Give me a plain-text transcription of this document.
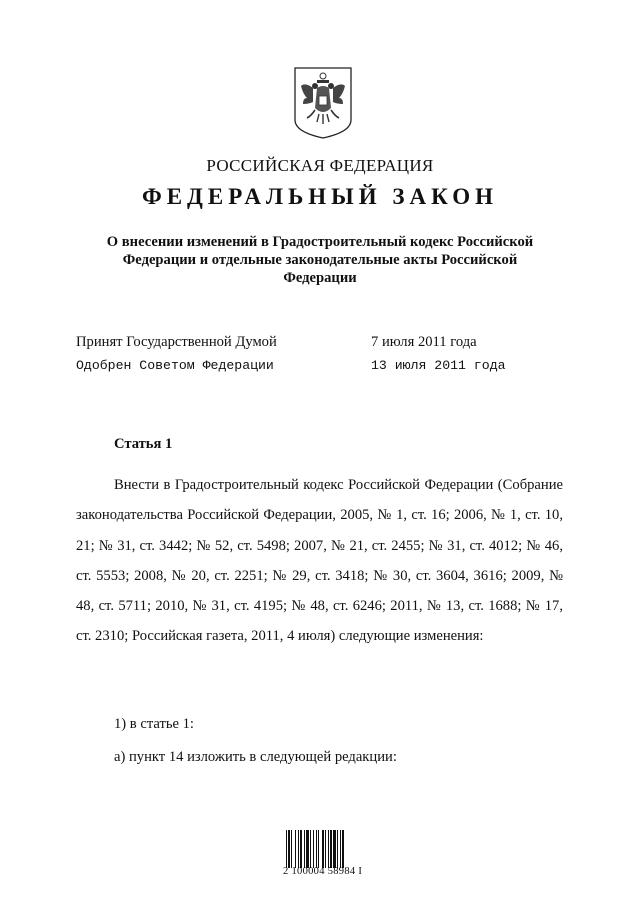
РОССИЙСКАЯ ФЕДЕРАЦИЯ
ФЕДЕРАЛЬНЫЙ ЗАКОН
О внесении изменений в Градостроительный кодекс Российской Федерации и отдельные законодательные акты Российской Федерации
Принят Государственной Думой	7 июля 2011 года
Одобрен Советом Федерации	13 июля 2011 года
Статья 1
Внести в Градостроительный кодекс Российской Федерации (Собрание законодательства Российской Федерации, 2005, № 1, ст. 16; 2006, № 1, ст. 10, 21; № 31, ст. 3442; № 52, ст. 5498; 2007, № 21, ст. 2455; № 31, ст. 4012; № 46, ст. 5553; 2008, № 20, ст. 2251; № 29, ст. 3418; № 30, ст. 3604, 3616; 2009, № 48, ст. 5711; 2010, № 31, ст. 4195; № 48, ст. 6246; 2011, № 13, ст. 1688; № 17, ст. 2310; Российская газета, 2011, 4 июля) следующие изменения:
1) в статье 1:
а) пункт 14 изложить в следующей редакции:
2 100004 58984 I
